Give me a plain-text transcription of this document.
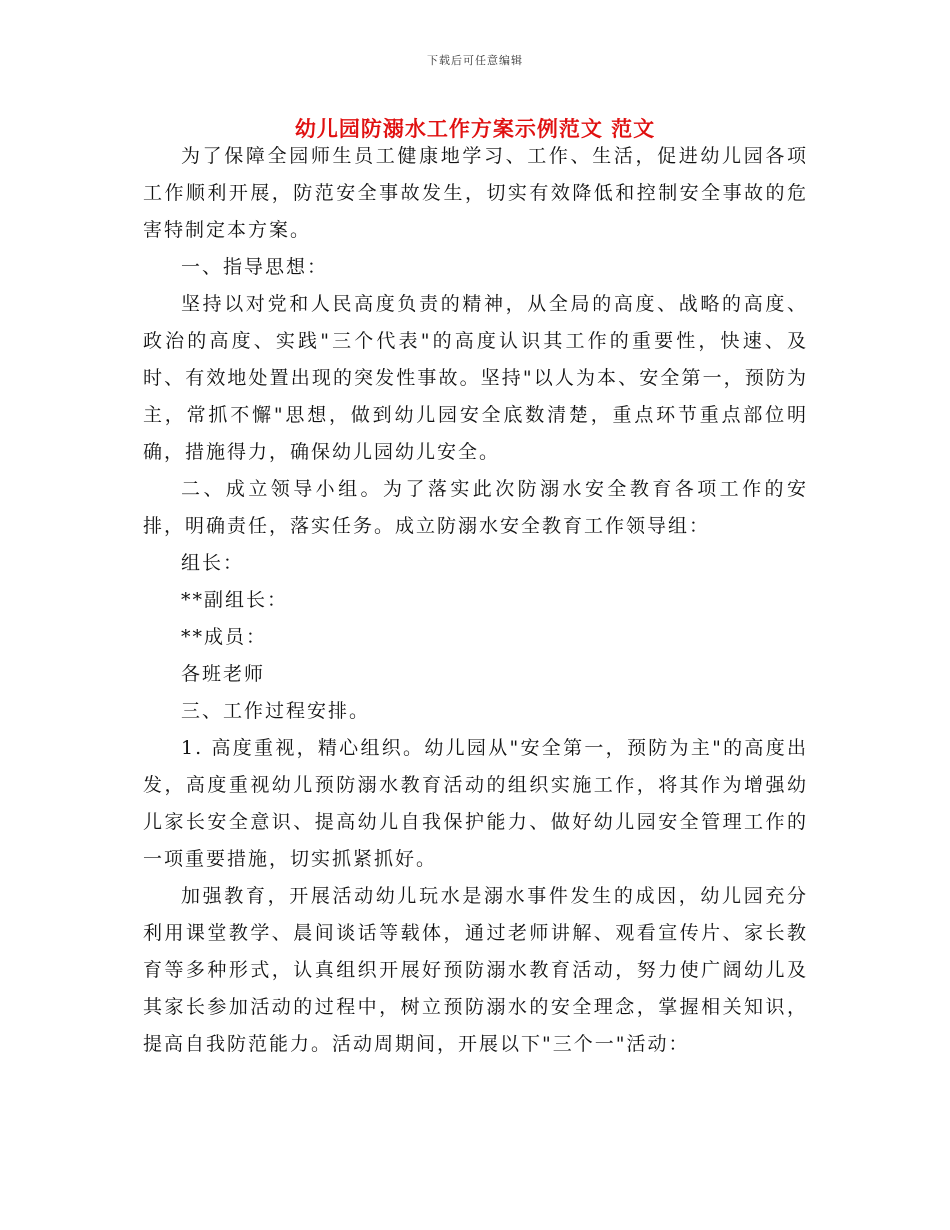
下载后可任意编辑
幼儿园防溺水工作方案示例范文 范文

为了保障全园师生员工健康地学习、工作、生活，促进幼儿园各项工作顺利开展，防范安全事故发生，切实有效降低和控制安全事故的危害特制定本方案。

一、指导思想：

坚持以对党和人民高度负责的精神，从全局的高度、战略的高度、政治的高度、实践"三个代表"的高度认识其工作的重要性，快速、及时、有效地处置出现的突发性事故。坚持"以人为本、安全第一，预防为主，常抓不懈"思想，做到幼儿园安全底数清楚，重点环节重点部位明确，措施得力，确保幼儿园幼儿安全。

二、成立领导小组。为了落实此次防溺水安全教育各项工作的安排，明确责任，落实任务。成立防溺水安全教育工作领导组：

组长：

**副组长：

**成员：

各班老师

三、工作过程安排。

1. 高度重视，精心组织。幼儿园从"安全第一，预防为主"的高度出发，高度重视幼儿预防溺水教育活动的组织实施工作，将其作为增强幼儿家长安全意识、提高幼儿自我保护能力、做好幼儿园安全管理工作的一项重要措施，切实抓紧抓好。

加强教育，开展活动幼儿玩水是溺水事件发生的成因，幼儿园充分利用课堂教学、晨间谈话等载体，通过老师讲解、观看宣传片、家长教育等多种形式，认真组织开展好预防溺水教育活动，努力使广阔幼儿及其家长参加活动的过程中，树立预防溺水的安全理念，掌握相关知识，提高自我防范能力。活动周期间，开展以下"三个一"活动：
